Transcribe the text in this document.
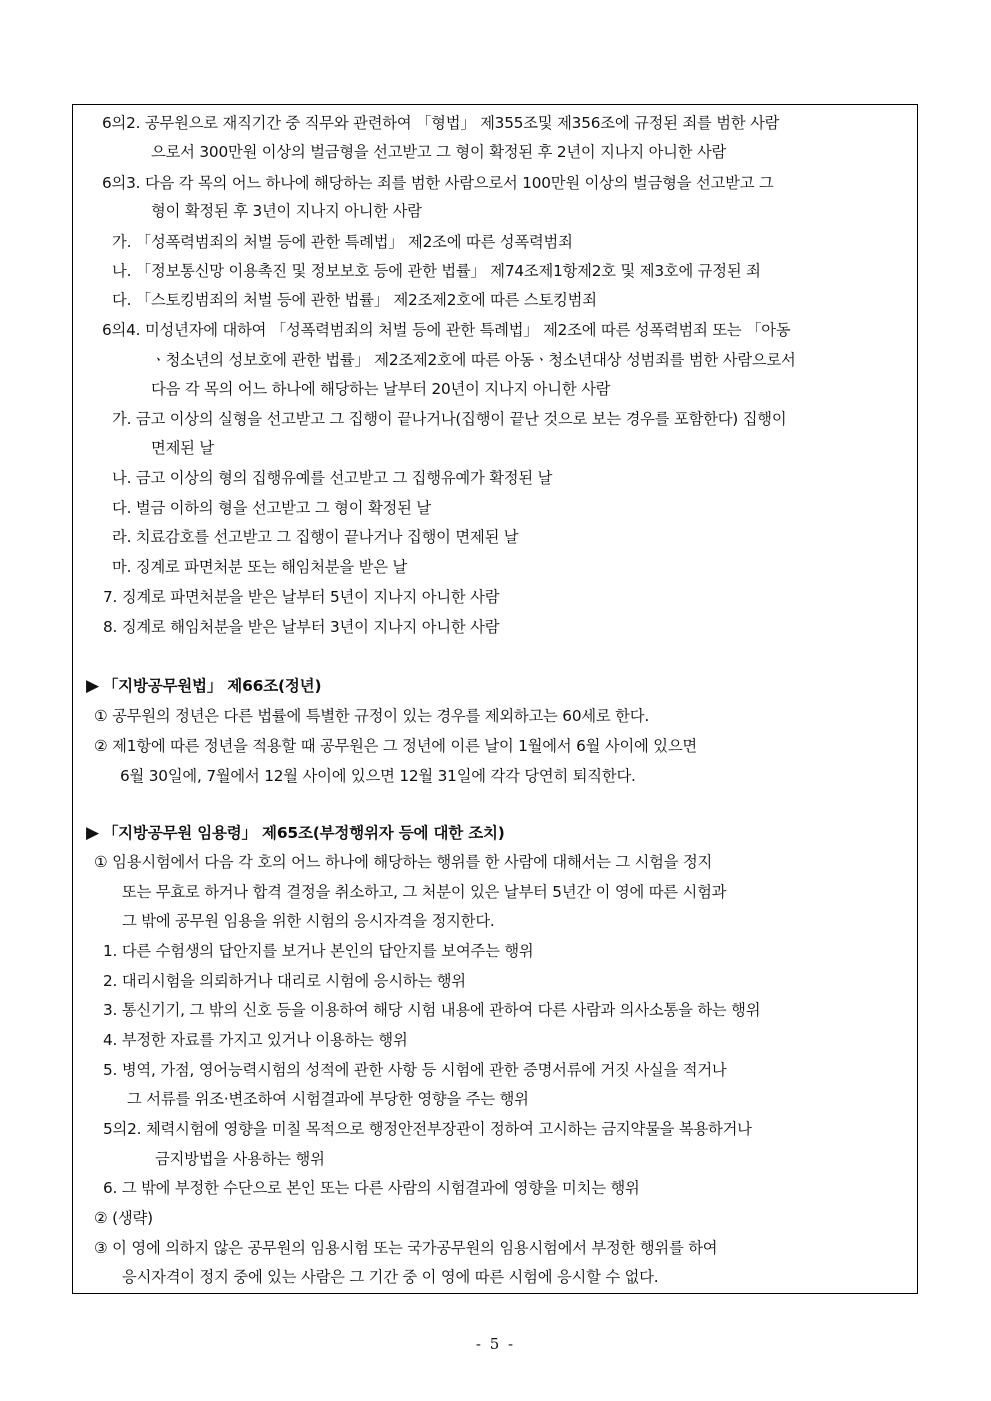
6의2. 공무원으로 재직기간 중 직무와 관련하여 「형법」 제355조및 제356조에 규정된 죄를 범한 사람
으로서 300만원 이상의 벌금형을 선고받고 그 형이 확정된 후 2년이 지나지 아니한 사람
6의3. 다음 각 목의 어느 하나에 해당하는 죄를 범한 사람으로서 100만원 이상의 벌금형을 선고받고 그
형이 확정된 후 3년이 지나지 아니한 사람
가. 「성폭력범죄의 처벌 등에 관한 특례법」 제2조에 따른 성폭력범죄
나. 「정보통신망 이용촉진 및 정보보호 등에 관한 법률」 제74조제1항제2호 및 제3호에 규정된 죄
다. 「스토킹범죄의 처벌 등에 관한 법률」 제2조제2호에 따른 스토킹범죄
6의4. 미성년자에 대하여 「성폭력범죄의 처벌 등에 관한 특례법」 제2조에 따른 성폭력범죄 또는 「아동
ㆍ청소년의 성보호에 관한 법률」 제2조제2호에 따른 아동ㆍ청소년대상 성범죄를 범한 사람으로서
다음 각 목의 어느 하나에 해당하는 날부터 20년이 지나지 아니한 사람
가. 금고 이상의 실형을 선고받고 그 집행이 끝나거나(집행이 끝난 것으로 보는 경우를 포함한다) 집행이
면제된 날
나. 금고 이상의 형의 집행유예를 선고받고 그 집행유예가 확정된 날
다. 벌금 이하의 형을 선고받고 그 형이 확정된 날
라. 치료감호를 선고받고 그 집행이 끝나거나 집행이 면제된 날
마. 징계로 파면처분 또는 해임처분을 받은 날
7. 징계로 파면처분을 받은 날부터 5년이 지나지 아니한 사람
8. 징계로 해임처분을 받은 날부터 3년이 지나지 아니한 사람
▶ 「지방공무원법」 제66조(정년)
① 공무원의 정년은 다른 법률에 특별한 규정이 있는 경우를 제외하고는 60세로 한다.
② 제1항에 따른 정년을 적용할 때 공무원은 그 정년에 이른 날이 1월에서 6월 사이에 있으면
6월 30일에, 7월에서 12월 사이에 있으면 12월 31일에 각각 당연히 퇴직한다.
▶ 「지방공무원 임용령」 제65조(부정행위자 등에 대한 조치)
① 임용시험에서 다음 각 호의 어느 하나에 해당하는 행위를 한 사람에 대해서는 그 시험을 정지
또는 무효로 하거나 합격 결정을 취소하고, 그 처분이 있은 날부터 5년간 이 영에 따른 시험과
그 밖에 공무원 임용을 위한 시험의 응시자격을 정지한다.
1. 다른 수험생의 답안지를 보거나 본인의 답안지를 보여주는 행위
2. 대리시험을 의뢰하거나 대리로 시험에 응시하는 행위
3. 통신기기, 그 밖의 신호 등을 이용하여 해당 시험 내용에 관하여 다른 사람과 의사소통을 하는 행위
4. 부정한 자료를 가지고 있거나 이용하는 행위
5. 병역, 가점, 영어능력시험의 성적에 관한 사항 등 시험에 관한 증명서류에 거짓 사실을 적거나
그 서류를 위조·변조하여 시험결과에 부당한 영향을 주는 행위
5의2. 체력시험에 영향을 미칠 목적으로 행정안전부장관이 정하여 고시하는 금지약물을 복용하거나
금지방법을 사용하는 행위
6. 그 밖에 부정한 수단으로 본인 또는 다른 사람의 시험결과에 영향을 미치는 행위
② (생략)
③ 이 영에 의하지 않은 공무원의 임용시험 또는 국가공무원의 임용시험에서 부정한 행위를 하여
응시자격이 정지 중에 있는 사람은 그 기간 중 이 영에 따른 시험에 응시할 수 없다.
- 5 -
